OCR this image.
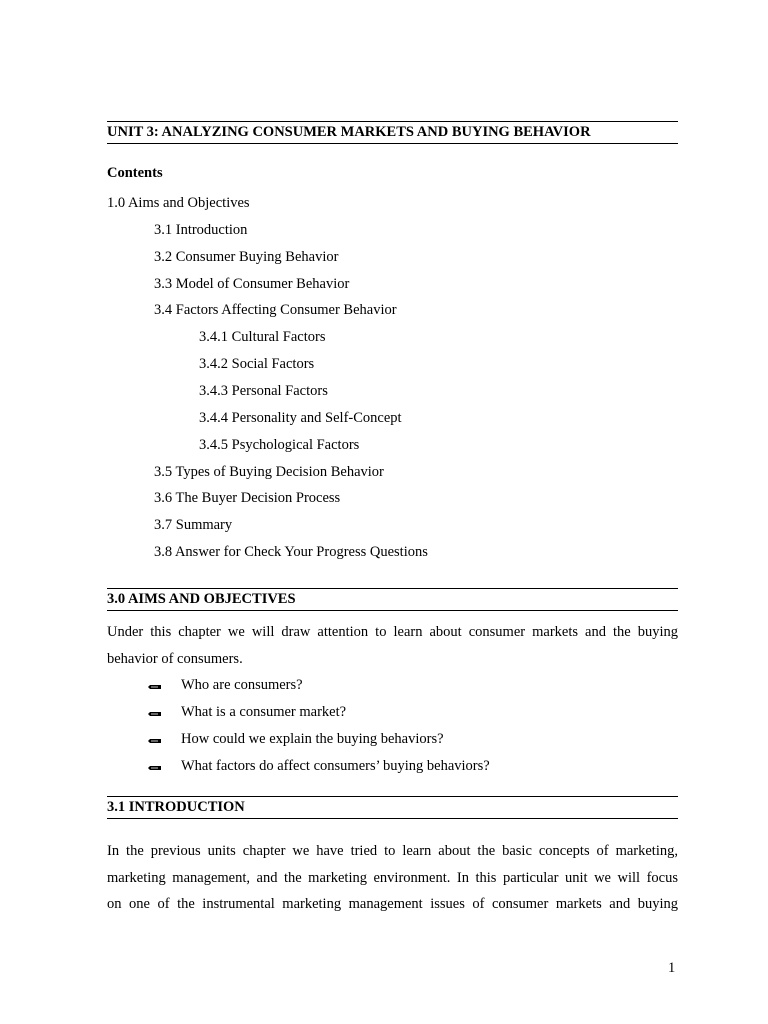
UNIT 3: ANALYZING CONSUMER MARKETS AND BUYING BEHAVIOR
Contents
1.0 Aims and Objectives
3.1 Introduction
3.2 Consumer Buying Behavior
3.3 Model of Consumer Behavior
3.4 Factors Affecting Consumer Behavior
3.4.1 Cultural Factors
3.4.2 Social Factors
3.4.3 Personal Factors
3.4.4 Personality and Self-Concept
3.4.5 Psychological Factors
3.5 Types of Buying Decision Behavior
3.6 The Buyer Decision Process
3.7 Summary
3.8 Answer for Check Your Progress Questions
3.0 AIMS AND OBJECTIVES
Under this chapter we will draw attention to learn about consumer markets and the buying
behavior of consumers.
Who are consumers?
What is a consumer market?
How could we explain the buying behaviors?
What factors do affect consumers’ buying behaviors?
3.1 INTRODUCTION
In the previous units chapter we have tried to learn about the basic concepts of marketing,
marketing management, and the marketing environment. In this particular unit we will focus
on one of the instrumental marketing management issues of consumer markets and buying
1
